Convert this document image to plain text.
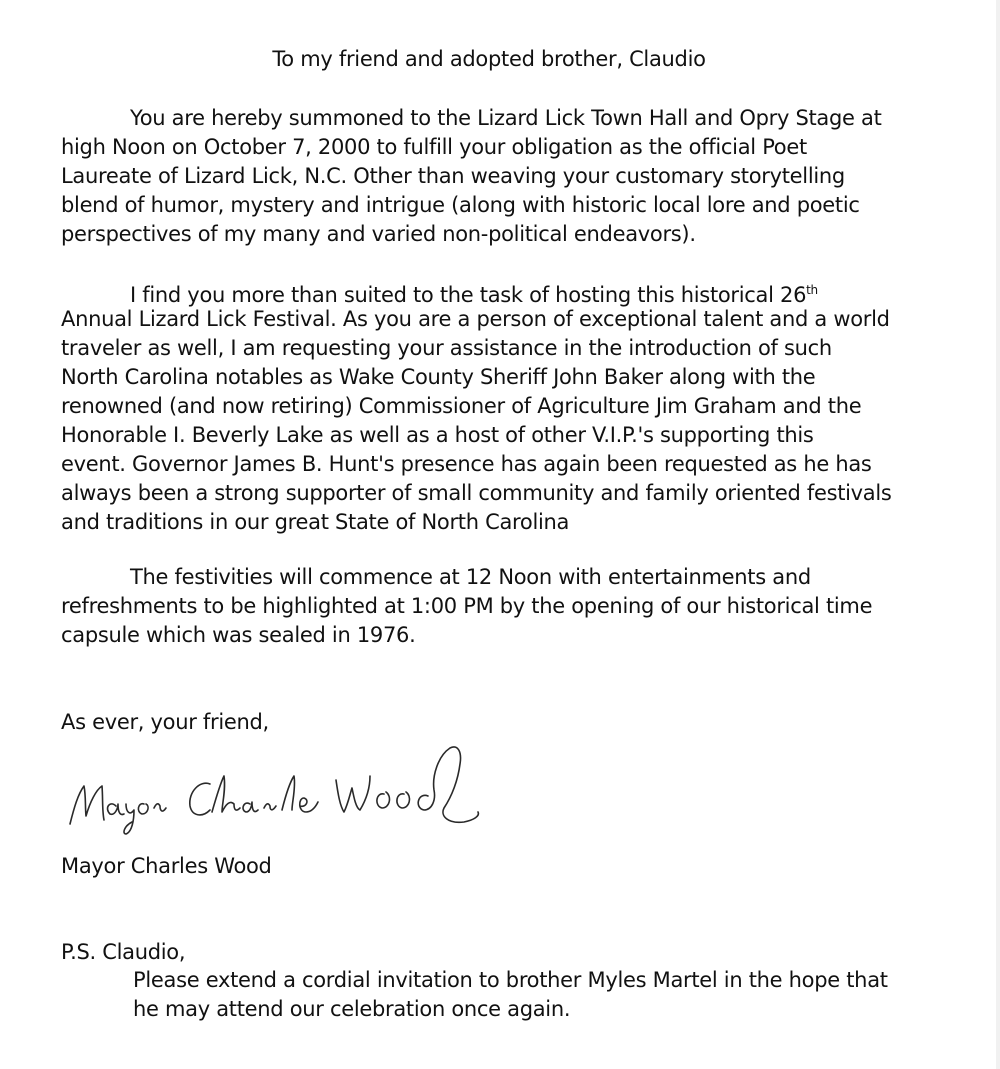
To my friend and adopted brother, Claudio
You are hereby summoned to the Lizard Lick Town Hall and Opry Stage at
high Noon on October 7, 2000 to fulfill your obligation as the official Poet
Laureate of Lizard Lick, N.C. Other than weaving your customary storytelling
blend of humor, mystery and intrigue (along with historic local lore and poetic
perspectives of my many and varied non-political endeavors).
I find you more than suited to the task of hosting this historical 26th
Annual Lizard Lick Festival. As you are a person of exceptional talent and a world
traveler as well, I am requesting your assistance in the introduction of such
North Carolina notables as Wake County Sheriff John Baker along with the
renowned (and now retiring) Commissioner of Agriculture Jim Graham and the
Honorable I. Beverly Lake as well as a host of other V.I.P.'s supporting this
event. Governor James B. Hunt's presence has again been requested as he has
always been a strong supporter of small community and family oriented festivals
and traditions in our great State of North Carolina
The festivities will commence at 12 Noon with entertainments and
refreshments to be highlighted at 1:00 PM by the opening of our historical time
capsule which was sealed in 1976.
As ever, your friend,
Mayor Charles Wood
P.S. Claudio,
Please extend a cordial invitation to brother Myles Martel in the hope that
he may attend our celebration once again.
